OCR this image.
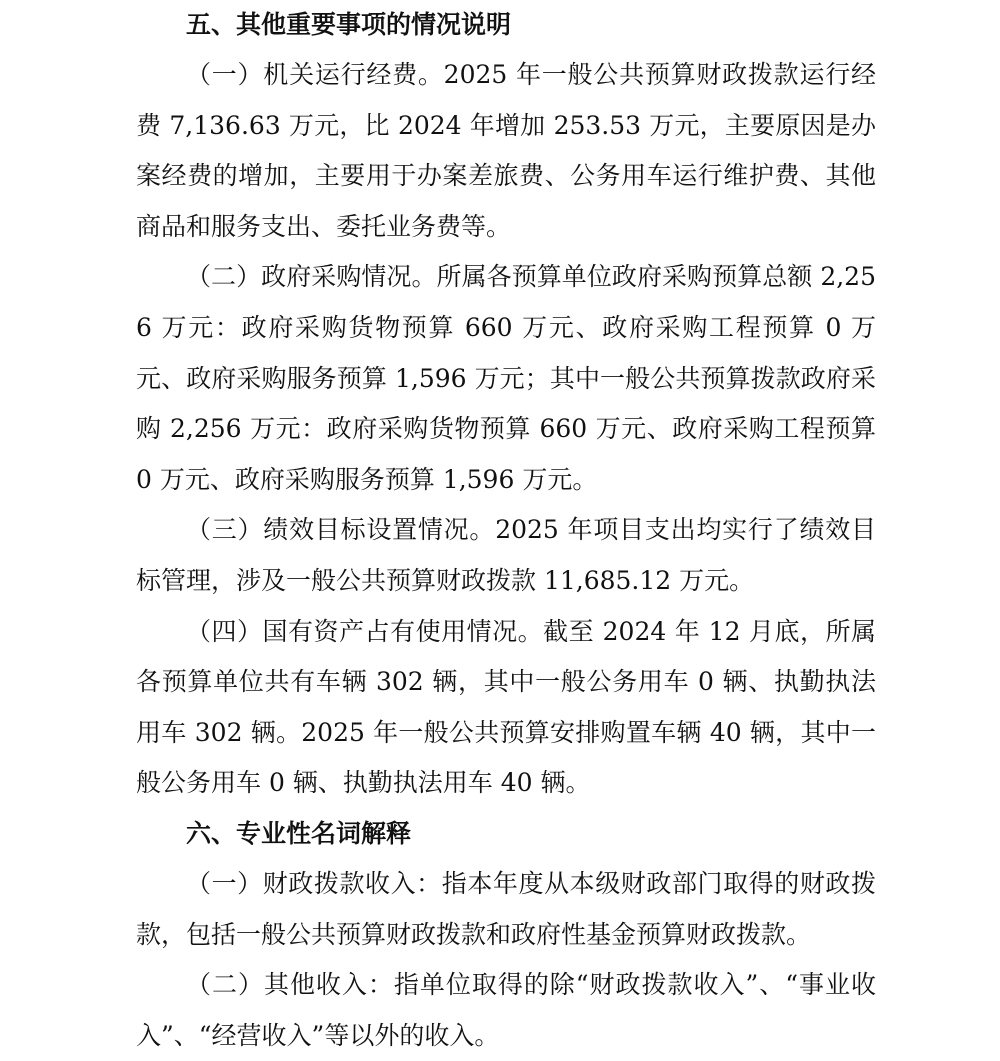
五、其他重要事项的情况说明

（一）机关运行经费。2025 年一般公共预算财政拨款运行经费 7,136.63 万元，比 2024 年增加 253.53 万元，主要原因是办案经费的增加，主要用于办案差旅费、公务用车运行维护费、其他商品和服务支出、委托业务费等。

（二）政府采购情况。所属各预算单位政府采购预算总额 2,256 万元：政府采购货物预算 660 万元、政府采购工程预算 0 万元、政府采购服务预算 1,596 万元；其中一般公共预算拨款政府采购 2,256 万元：政府采购货物预算 660 万元、政府采购工程预算 0 万元、政府采购服务预算 1,596 万元。

（三）绩效目标设置情况。2025 年项目支出均实行了绩效目标管理，涉及一般公共预算财政拨款 11,685.12 万元。

（四）国有资产占有使用情况。截至 2024 年 12 月底，所属各预算单位共有车辆 302 辆，其中一般公务用车 0 辆、执勤执法用车 302 辆。2025 年一般公共预算安排购置车辆 40 辆，其中一般公务用车 0 辆、执勤执法用车 40 辆。

六、专业性名词解释

（一）财政拨款收入：指本年度从本级财政部门取得的财政拨款，包括一般公共预算财政拨款和政府性基金预算财政拨款。

（二）其他收入：指单位取得的除“财政拨款收入”、“事业收入”、“经营收入”等以外的收入。
